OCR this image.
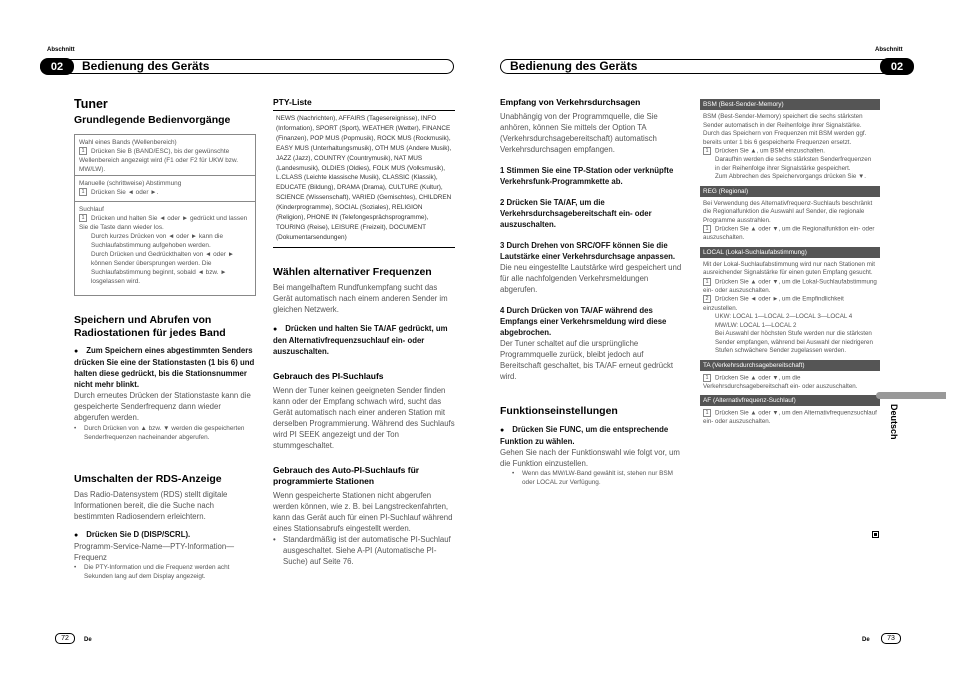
Abschnitt
02	Bedienung des Geräts
Abschnitt
02
Bedienung des Geräts
Tuner
Grundlegende Bedienvorgänge
Wahl eines Bands (Wellenbereich)
1 Drücken Sie B (BAND/ESC), bis der gewünschte Wellenbereich angezeigt wird (F1 oder F2 für UKW bzw. MW/LW).
Manuelle (schrittweise) Abstimmung
1 Drücken Sie ◄ oder ►.
Suchlauf
1 Drücken und halten Sie ◄ oder ► gedrückt und lassen Sie die Taste dann wieder los.
Durch kurzes Drücken von ◄ oder ► kann die Suchlaufabstimmung aufgehoben werden.
Durch Drücken und Gedrückthalten von ◄ oder ► können Sender übersprungen werden. Die Suchlaufabstimmung beginnt, sobald ◄ bzw. ► losgelassen wird.
Speichern und Abrufen von Radiostationen für jedes Band
● Zum Speichern eines abgestimmten Senders drücken Sie eine der Stationstasten (1 bis 6) und halten diese gedrückt, bis die Stationsnummer nicht mehr blinkt.
Durch erneutes Drücken der Stationstaste kann die gespeicherte Senderfrequenz dann wieder abgerufen werden.
• Durch Drücken von ▲ bzw. ▼ werden die gespeicherten Senderfrequenzen nacheinander abgerufen.
Umschalten der RDS-Anzeige
Das Radio-Datensystem (RDS) stellt digitale Informationen bereit, die die Suche nach bestimmten Radiosendern erleichtern.
● Drücken Sie D (DISP/SCRL).
Programm-Service-Name—PTY-Information—Frequenz
• Die PTY-Information und die Frequenz werden acht Sekunden lang auf dem Display angezeigt.
PTY-Liste
NEWS (Nachrichten), AFFAIRS (Tagesereignisse), INFO (Information), SPORT (Sport), WEATHER (Wetter), FINANCE (Finanzen), POP MUS (Popmusik), ROCK MUS (Rockmusik), EASY MUS (Unterhaltungsmusik), OTH MUS (Andere Musik), JAZZ (Jazz), COUNTRY (Countrymusik), NAT MUS (Landesmusik), OLDIES (Oldies), FOLK MUS (Volksmusik), L.CLASS (Leichte klassische Musik), CLASSIC (Klassik), EDUCATE (Bildung), DRAMA (Drama), CULTURE (Kultur), SCIENCE (Wissenschaft), VARIED (Gemischtes), CHILDREN (Kinderprogramme), SOCIAL (Soziales), RELIGION (Religion), PHONE IN (Telefongesprächsprogramme), TOURING (Reise), LEISURE (Freizeit), DOCUMENT (Dokumentarsendungen)
Wählen alternativer Frequenzen
Bei mangelhaftem Rundfunkempfang sucht das Gerät automatisch nach einem anderen Sender im gleichen Netzwerk.
● Drücken und halten Sie TA/AF gedrückt, um den Alternativfrequenzsuchlauf ein- oder auszuschalten.
Gebrauch des PI-Suchlaufs
Wenn der Tuner keinen geeigneten Sender finden kann oder der Empfang schwach wird, sucht das Gerät automatisch nach einer anderen Station mit derselben Programmierung. Während des Suchlaufs wird PI SEEK angezeigt und der Ton stummgeschaltet.
Gebrauch des Auto-PI-Suchlaufs für programmierte Stationen
Wenn gespeicherte Stationen nicht abgerufen werden können, wie z. B. bei Langstreckenfahrten, kann das Gerät auch für einen PI-Suchlauf während eines Stationsabrufs eingestellt werden.
• Standardmäßig ist der automatische PI-Suchlauf ausgeschaltet. Siehe A-PI (Automatische PI-Suche) auf Seite 76.
Empfang von Verkehrsdurchsagen
Unabhängig von der Programmquelle, die Sie anhören, können Sie mittels der Option TA (Verkehrsdurchsagebereitschaft) automatisch Verkehrsdurchsagen empfangen.
1 Stimmen Sie eine TP-Station oder verknüpfte Verkehrsfunk-Programmkette ab.
2 Drücken Sie TA/AF, um die Verkehrsdurchsagebereitschaft ein- oder auszuschalten.
3 Durch Drehen von SRC/OFF können Sie die Lautstärke einer Verkehrsdurchsage anpassen.
Die neu eingestellte Lautstärke wird gespeichert und für alle nachfolgenden Verkehrsmeldungen abgerufen.
4 Durch Drücken von TA/AF während des Empfangs einer Verkehrsmeldung wird diese abgebrochen.
Der Tuner schaltet auf die ursprüngliche Programmquelle zurück, bleibt jedoch auf Bereitschaft geschaltet, bis TA/AF erneut gedrückt wird.
Funktionseinstellungen
● Drücken Sie FUNC, um die entsprechende Funktion zu wählen.
Gehen Sie nach der Funktionswahl wie folgt vor, um die Funktion einzustellen.
• Wenn das MW/LW-Band gewählt ist, stehen nur BSM oder LOCAL zur Verfügung.
BSM (Best-Sender-Memory)
BSM (Best-Sender-Memory) speichert die sechs stärksten Sender automatisch in der Reihenfolge ihrer Signalstärke.
Durch das Speichern von Frequenzen mit BSM werden ggf. bereits unter 1 bis 6 gespeicherte Frequenzen ersetzt.
1 Drücken Sie ▲, um BSM einzuschalten.
Daraufhin werden die sechs stärksten Senderfrequenzen in der Reihenfolge ihrer Signalstärke gespeichert.
Zum Abbrechen des Speichervorgangs drücken Sie ▼.
REG (Regional)
Bei Verwendung des Alternativfrequenz-Suchlaufs beschränkt die Regionalfunktion die Auswahl auf Sender, die regionale Programme ausstrahlen.
1 Drücken Sie ▲ oder ▼, um die Regionalfunktion ein- oder auszuschalten.
LOCAL (Lokal-Suchlaufabstimmung)
Mit der Lokal-Suchlaufabstimmung wird nur nach Stationen mit ausreichender Signalstärke für einen guten Empfang gesucht.
1 Drücken Sie ▲ oder ▼, um die Lokal-Suchlaufabstimmung ein- oder auszuschalten.
2 Drücken Sie ◄ oder ►, um die Empfindlichkeit einzustellen.
UKW: LOCAL 1—LOCAL 2—LOCAL 3—LOCAL 4
MW/LW: LOCAL 1—LOCAL 2
Bei Auswahl der höchsten Stufe werden nur die stärksten Sender empfangen, während bei Auswahl der niedrigeren Stufen schwächere Sender zugelassen werden.
TA (Verkehrsdurchsagebereitschaft)
1 Drücken Sie ▲ oder ▼, um die Verkehrsdurchsagebereitschaft ein- oder auszuschalten.
AF (Alternativfrequenz-Suchlauf)
1 Drücken Sie ▲ oder ▼, um den Alternativfrequenzsuchlauf ein- oder auszuschalten.	Deutsch
72	De	De	73
